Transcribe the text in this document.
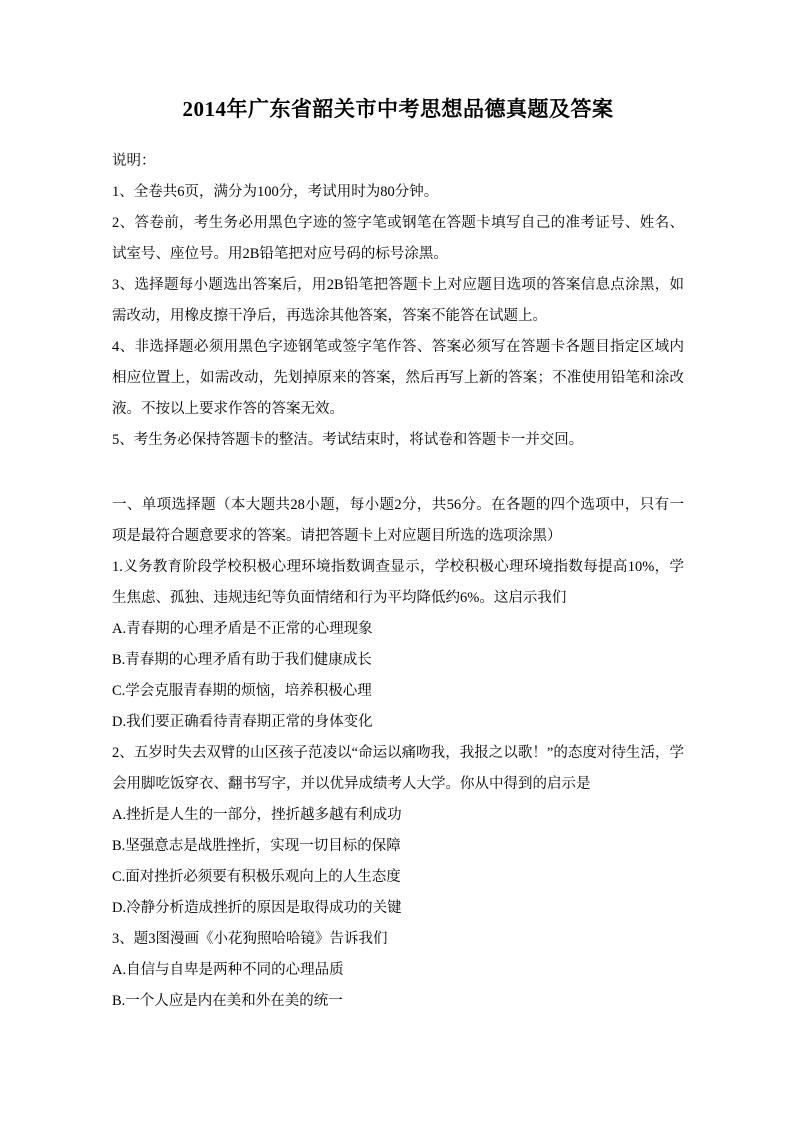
2014年广东省韶关市中考思想品德真题及答案

说明：

1、全卷共6页，满分为100分，考试用时为80分钟。

2、答卷前，考生务必用黑色字迹的签字笔或钢笔在答题卡填写自己的准考证号、姓名、试室号、座位号。用2B铅笔把对应号码的标号涂黑。

3、选择题每小题选出答案后，用2B铅笔把答题卡上对应题目选项的答案信息点涂黑，如需改动，用橡皮擦干净后，再选涂其他答案，答案不能答在试题上。

4、非选择题必须用黑色字迹钢笔或签字笔作答、答案必须写在答题卡各题目指定区域内相应位置上，如需改动，先划掉原来的答案，然后再写上新的答案；不准使用铅笔和涂改液。不按以上要求作答的答案无效。

5、考生务必保持答题卡的整洁。考试结束时，将试卷和答题卡一并交回。

一、单项选择题（本大题共28小题，每小题2分，共56分。在各题的四个选项中，只有一项是最符合题意要求的答案。请把答题卡上对应题目所选的选项涂黑）

1.义务教育阶段学校积极心理环境指数调查显示，学校积极心理环境指数每提高10%，学生焦虑、孤独、违规违纪等负面情绪和行为平均降低约6%。这启示我们

A.青春期的心理矛盾是不正常的心理现象

B.青春期的心理矛盾有助于我们健康成长

C.学会克服青春期的烦恼，培养积极心理

D.我们要正确看待青春期正常的身体变化

2、五岁时失去双臂的山区孩子范凌以“命运以痛吻我，我报之以歌！”的态度对待生活，学会用脚吃饭穿衣、翻书写字，并以优异成绩考人大学。你从中得到的启示是

A.挫折是人生的一部分，挫折越多越有利成功

B.坚强意志是战胜挫折，实现一切目标的保障

C.面对挫折必须要有积极乐观向上的人生态度

D.冷静分析造成挫折的原因是取得成功的关键

3、题3图漫画《小花狗照哈哈镜》告诉我们

A.自信与自卑是两种不同的心理品质

B.一个人应是内在美和外在美的统一
